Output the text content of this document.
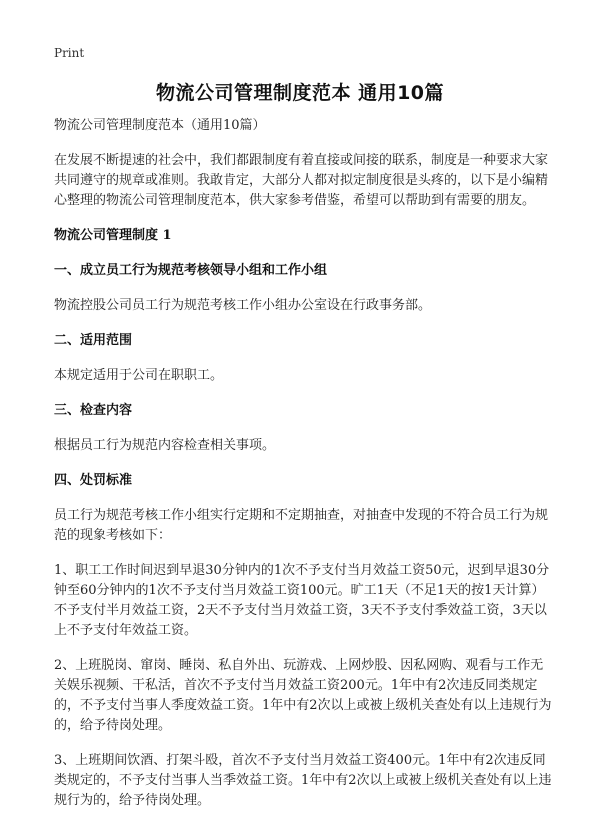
Print
物流公司管理制度范本 通用10篇

物流公司管理制度范本（通用10篇）

在发展不断提速的社会中，我们都跟制度有着直接或间接的联系，制度是一种要求大家共同遵守的规章或准则。我敢肯定，大部分人都对拟定制度很是头疼的，以下是小编精心整理的物流公司管理制度范本，供大家参考借鉴，希望可以帮助到有需要的朋友。

物流公司管理制度 1
一、成立员工行为规范考核领导小组和工作小组

物流控股公司员工行为规范考核工作小组办公室设在行政事务部。

二、适用范围

本规定适用于公司在职职工。

三、检查内容

根据员工行为规范内容检查相关事项。

四、处罚标准

员工行为规范考核工作小组实行定期和不定期抽查，对抽查中发现的不符合员工行为规范的现象考核如下：

1、职工工作时间迟到早退30分钟内的1次不予支付当月效益工资50元，迟到早退30分钟至60分钟内的1次不予支付当月效益工资100元。旷工1天（不足1天的按1天计算）不予支付半月效益工资，2天不予支付当月效益工资，3天不予支付季效益工资，3天以上不予支付年效益工资。

2、上班脱岗、窜岗、睡岗、私自外出、玩游戏、上网炒股、因私网购、观看与工作无关娱乐视频、干私活，首次不予支付当月效益工资200元。1年中有2次违反同类规定的，不予支付当事人季度效益工资。1年中有2次以上或被上级机关查处有以上违规行为的，给予待岗处理。

3、上班期间饮酒、打架斗殴，首次不予支付当月效益工资400元。1年中有2次违反同类规定的，不予支付当事人当季效益工资。1年中有2次以上或被上级机关查处有以上违规行为的，给予待岗处理。
